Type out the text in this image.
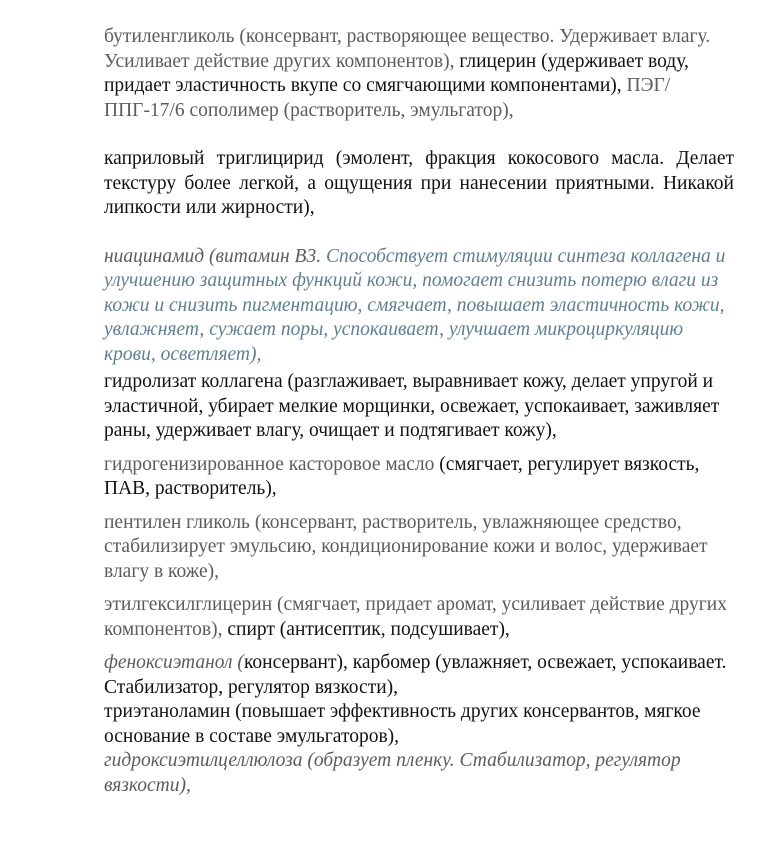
бутиленгликоль (консервант, растворяющее вещество. Удерживает влагу. Усиливает действие других компонентов), глицерин (удерживает воду, придает эластичность вкупе со смягчающими компонентами), ПЭГ/ППГ-17/6 сополимер (растворитель, эмульгатор),

каприловый триглицирид (эмолент, фракция кокосового масла. Делает текстуру более легкой, а ощущения при нанесении приятными. Никакой липкости или жирности),

ниацинамид (витамин В3. Способствует стимуляции синтеза коллагена и улучшению защитных функций кожи, помогает снизить потерю влаги из кожи и снизить пигментацию, смягчает, повышает эластичность кожи, увлажняет, сужает поры, успокаивает, улучшает микроциркуляцию крови, осветляет),

гидролизат коллагена (разглаживает, выравнивает кожу, делает упругой и эластичной, убирает мелкие морщинки, освежает, успокаивает, заживляет раны, удерживает влагу, очищает и подтягивает кожу),

гидрогенизированное касторовое масло (смягчает, регулирует вязкость, ПАВ, растворитель),

пентилен гликоль (консервант, растворитель, увлажняющее средство, стабилизирует эмульсию, кондиционирование кожи и волос, удерживает влагу в коже),

этилгексилглицерин (смягчает, придает аромат, усиливает действие других компонентов), спирт (антисептик, подсушивает),

феноксиэтанол (консервант), карбомер (увлажняет, освежает, успокаивает. Стабилизатор, регулятор вязкости),

триэтаноламин (повышает эффективность других консервантов, мягкое основание в составе эмульгаторов),

гидроксиэтилцеллюлоза (образует пленку. Стабилизатор, регулятор вязкости),
